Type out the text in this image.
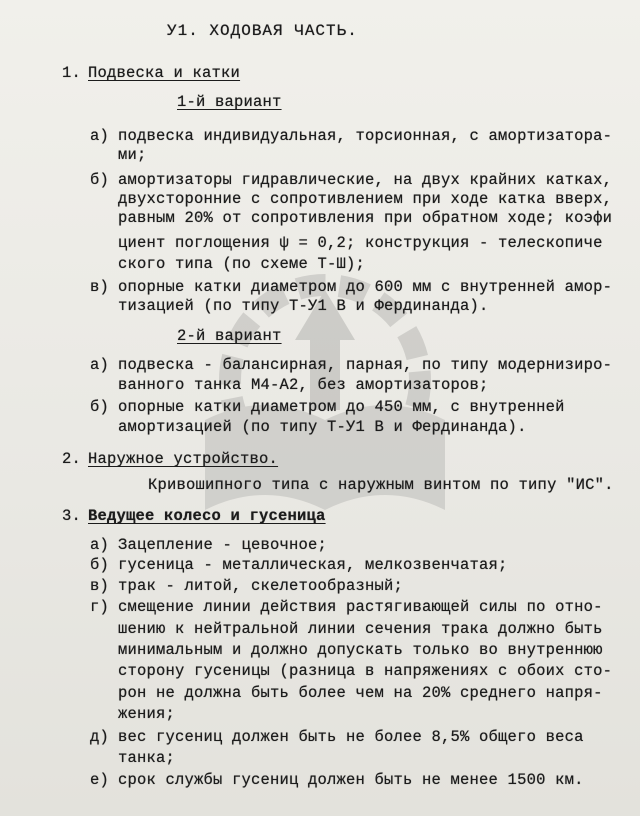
У1. ХОДОВАЯ ЧАСТЬ.
1. Подвеска и катки
1-й вариант
а) подвеска индивидуальная, торсионная, с амортизатора-
ми;
б) амортизаторы гидравлические, на двух крайних катках,
двухсторонние с сопротивлением при ходе катка вверх,
равным 20% от сопротивления при обратном ходе; коэфи
циент поглощения ψ = 0,2; конструкция - телескопиче
ского типа (по схеме Т-Ш);
в) опорные катки диаметром до 600 мм с внутренней амор-
тизацией (по типу Т-У1 В и Фердинанда).
2-й вариант
а) подвеска - балансирная, парная, по типу модернизиро-
ванного танка М4-А2, без амортизаторов;
б) опорные катки диаметром до 450 мм, с внутренней
амортизацией (по типу Т-У1 В и Фердинанда).
2. Наружное устройство.
Кривошипного типа с наружным винтом по типу "ИС".
3. Ведущее колесо и гусеница
а) Зацепление - цевочное;
б) гусеница - металлическая, мелкозвенчатая;
в) трак - литой, скелетообразный;
г) смещение линии действия растягивающей силы по отно-
шению к нейтральной линии сечения трака должно быть
минимальным и должно допускать только во внутреннюю
сторону гусеницы (разница в напряжениях с обоих сто-
рон не должна быть более чем на 20% среднего напря-
жения;
д) вес гусениц должен быть не более 8,5% общего веса
танка;
е) срок службы гусениц должен быть не менее 1500 км.
